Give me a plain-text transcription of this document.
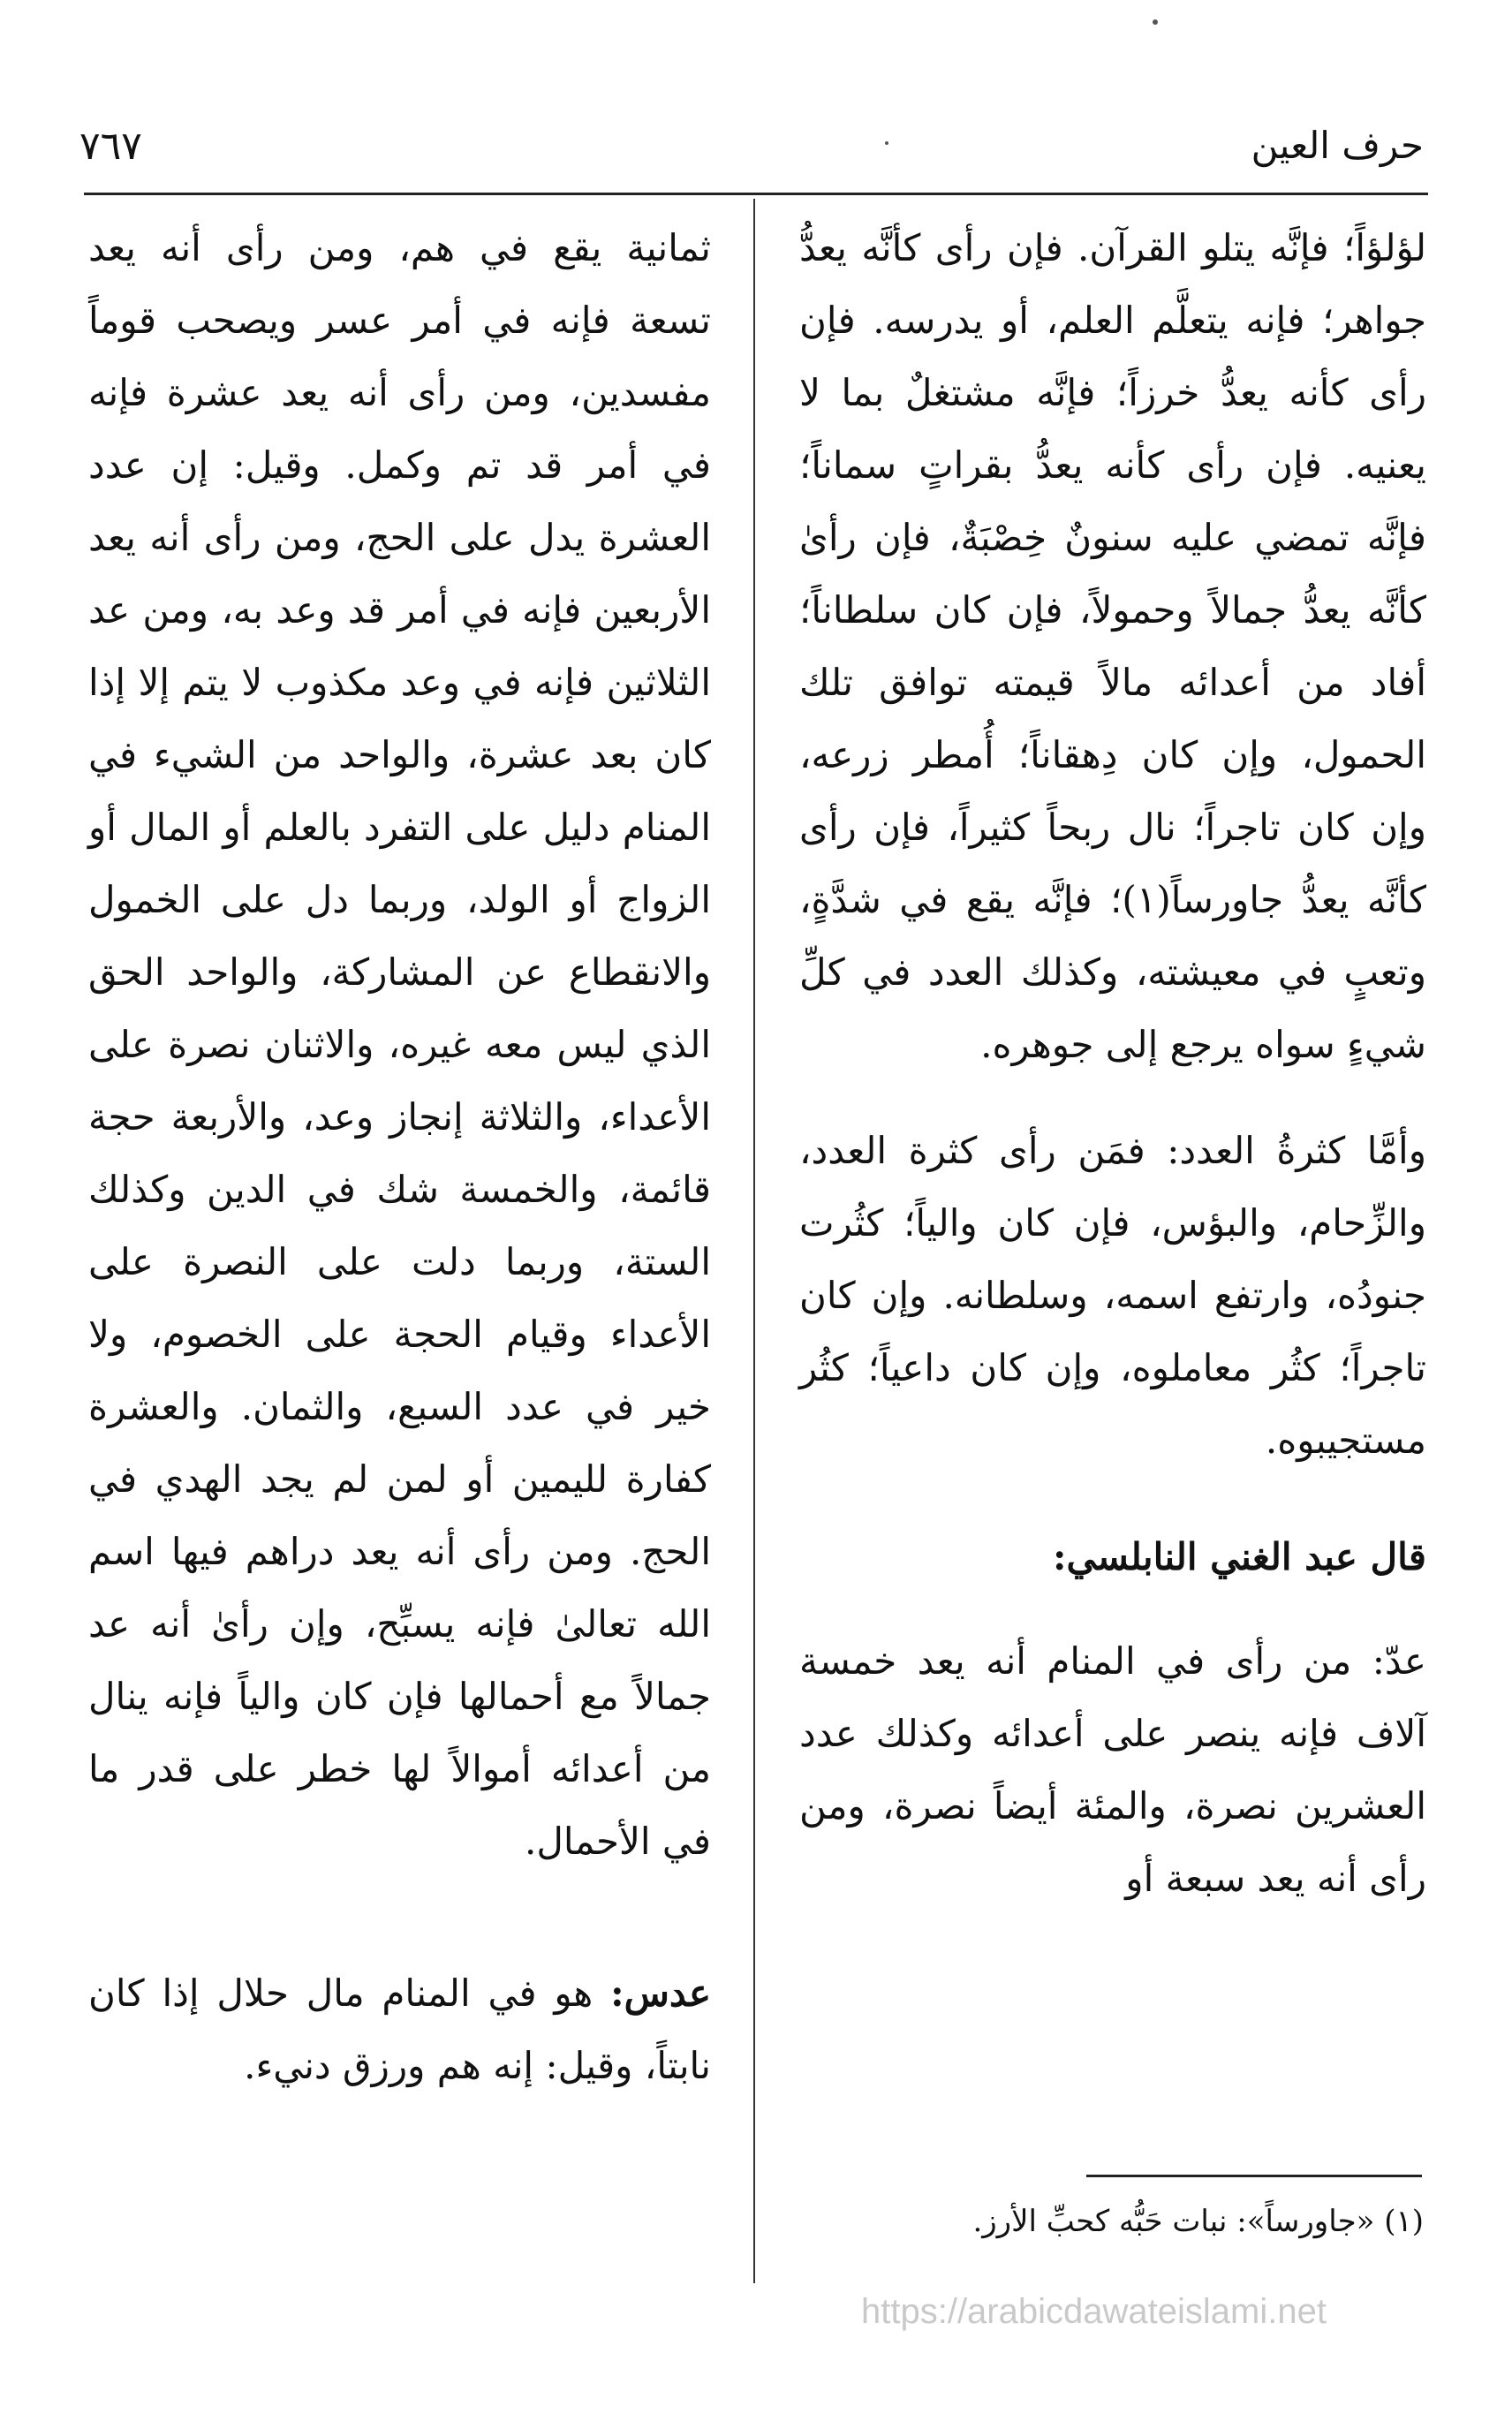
حرف العين
٧٦٧

لؤلؤاً؛ فإنَّه يتلو القرآن. فإن رأى كأنَّه يعدُّ جواهر؛ فإنه يتعلَّم العلم، أو يدرسه. فإن رأى كأنه يعدُّ خرزاً؛ فإنَّه مشتغلٌ بما لا يعنيه. فإن رأى كأنه يعدُّ بقراتٍ سماناً؛ فإنَّه تمضي عليه سنونٌ خِصْبَةٌ، فإن رأىٰ كأنَّه يعدُّ جمالاً وحمولاً، فإن كان سلطاناً؛ أفاد من أعدائه مالاً قيمته توافق تلك الحمول، وإن كان دِهقاناً؛ أُمطر زرعه، وإن كان تاجراً؛ نال ربحاً كثيراً، فإن رأى كأنَّه يعدُّ جاورساً(١)؛ فإنَّه يقع في شدَّةٍ، وتعبٍ في معيشته، وكذلك العدد في كلِّ شيءٍ سواه يرجع إلى جوهره.

وأمَّا كثرةُ العدد: فمَن رأى كثرة العدد، والزِّحام، والبؤس، فإن كان والياً؛ كثُرت جنودُه، وارتفع اسمه، وسلطانه. وإن كان تاجراً؛ كثُر معاملوه، وإن كان داعياً؛ كثُر مستجيبوه.

قال عبد الغني النابلسي:

عدّ: من رأى في المنام أنه يعد خمسة آلاف فإنه ينصر على أعدائه وكذلك عدد العشرين نصرة، والمئة أيضاً نصرة، ومن رأى أنه يعد سبعة أو

ثمانية يقع في هم، ومن رأى أنه يعد تسعة فإنه في أمر عسر ويصحب قوماً مفسدين، ومن رأى أنه يعد عشرة فإنه في أمر قد تم وكمل. وقيل: إن عدد العشرة يدل على الحج، ومن رأى أنه يعد الأربعين فإنه في أمر قد وعد به، ومن عد الثلاثين فإنه في وعد مكذوب لا يتم إلا إذا كان بعد عشرة، والواحد من الشيء في المنام دليل على التفرد بالعلم أو المال أو الزواج أو الولد، وربما دل على الخمول والانقطاع عن المشاركة، والواحد الحق الذي ليس معه غيره، والاثنان نصرة على الأعداء، والثلاثة إنجاز وعد، والأربعة حجة قائمة، والخمسة شك في الدين وكذلك الستة، وربما دلت على النصرة على الأعداء وقيام الحجة على الخصوم، ولا خير في عدد السبع، والثمان. والعشرة كفارة لليمين أو لمن لم يجد الهدي في الحج. ومن رأى أنه يعد دراهم فيها اسم الله تعالىٰ فإنه يسبِّح، وإن رأىٰ أنه عد جمالاً مع أحمالها فإن كان والياً فإنه ينال من أعدائه أموالاً لها خطر على قدر ما في الأحمال.

عدس: هو في المنام مال حلال إذا كان نابتاً، وقيل: إنه هم ورزق دنيء.

(١) «جاورساً»: نبات حَبُّه كحبِّ الأرز.
https://arabicdawateislami.net
